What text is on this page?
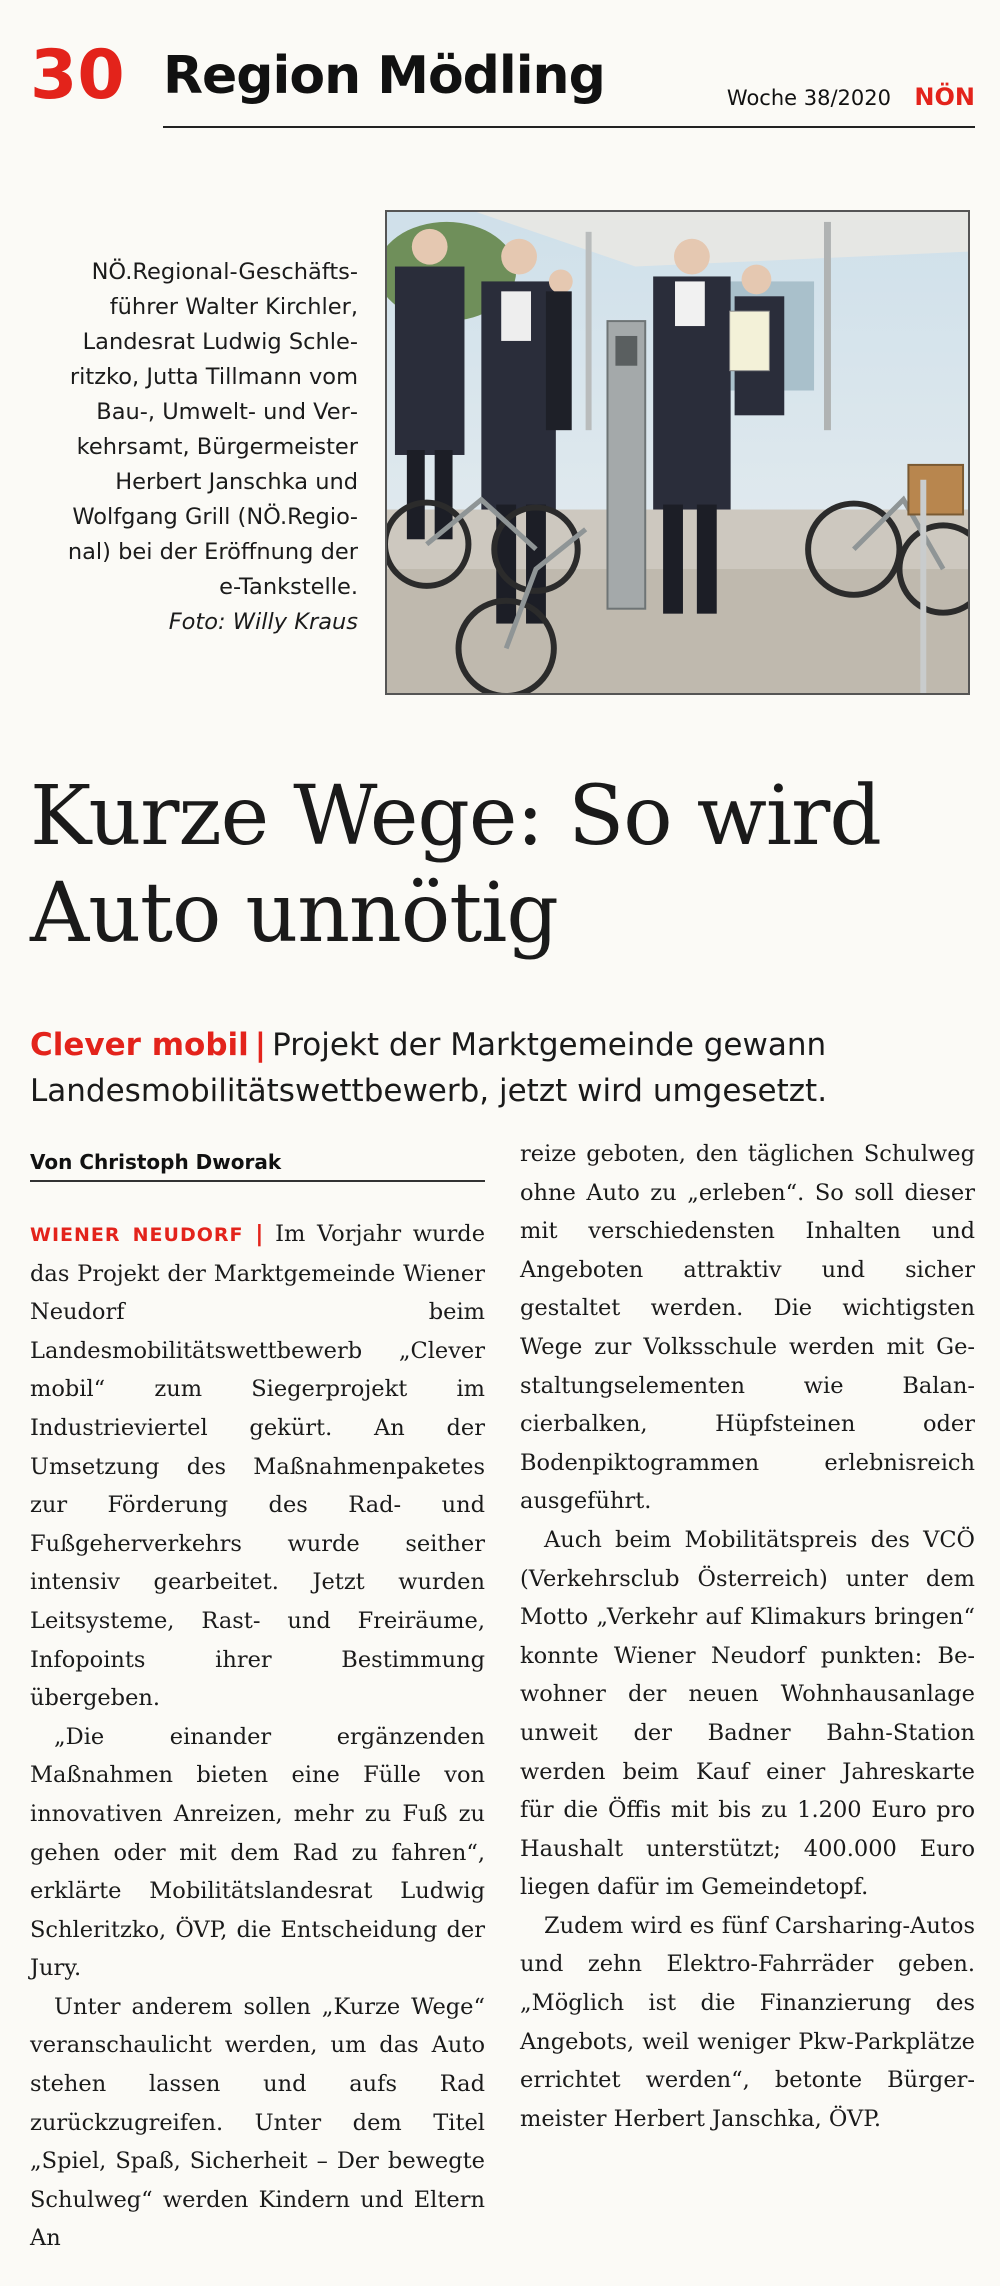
30 Region Mödling	Woche 38/2020 NÖN
NÖ.Regional-Geschäftsführer Walter Kirchler, Landesrat Ludwig Schleritzko, Jutta Tillmann vom Bau-, Umwelt- und Verkehrsamt, Bürgermeister Herbert Janschka und Wolfgang Grill (NÖ.Regional) bei der Eröffnung der e-Tankstelle.
Foto: Willy Kraus
Kurze Wege: So wird Auto unnötig
Clever mobil | Projekt der Marktgemeinde gewann Landesmobilitätswettbewerb, jetzt wird umgesetzt.
Von Christoph Dworak

WIENER NEUDORF | Im Vorjahr wurde das Projekt der Marktgemeinde Wiener Neudorf beim Landesmobilitätswettbewerb „Clever mobil“ zum Siegerprojekt im Industrieviertel gekürt. An der Umsetzung des Maßnahmenpaketes zur Förderung des Rad- und Fußgeherverkehrs wurde seither intensiv gearbeitet. Jetzt wurden Leitsysteme, Rast- und Freiräume, Infopoints ihrer Bestimmung übergeben.

„Die einander ergänzenden Maßnahmen bieten eine Fülle von innovativen Anreizen, mehr zu Fuß zu gehen oder mit dem Rad zu fahren“, erklärte Mobilitätslandesrat Ludwig Schleritzko, ÖVP, die Entscheidung der Jury.

Unter anderem sollen „Kurze Wege“ veranschaulicht werden, um das Auto stehen lassen und aufs Rad zurückzugreifen. Unter dem Titel „Spiel, Spaß, Sicherheit – Der bewegte Schulweg“ werden Kindern und Eltern An

reize geboten, den täglichen Schulweg ohne Auto zu „erleben“. So soll dieser mit verschiedensten Inhalten und Angeboten attraktiv und sicher gestaltet werden. Die wichtigsten Wege zur Volksschule werden mit Gestaltungselementen wie Balancierbalken, Hüpfsteinen oder Bodenpiktogrammen erlebnisreich ausgeführt.

Auch beim Mobilitätspreis des VCÖ (Verkehrsclub Österreich) unter dem Motto „Verkehr auf Klimakurs bringen“ konnte Wiener Neudorf punkten: Bewohner der neuen Wohnhausanlage unweit der Badner Bahn-Station werden beim Kauf einer Jahreskarte für die Öffis mit bis zu 1.200 Euro pro Haushalt unterstützt; 400.000 Euro liegen dafür im Gemeindetopf.

Zudem wird es fünf Carsharing-Autos und zehn Elektro-Fahrräder geben. „Möglich ist die Finanzierung des Angebots, weil weniger Pkw-Parkplätze errichtet werden“, betonte Bürgermeister Herbert Janschka, ÖVP.
